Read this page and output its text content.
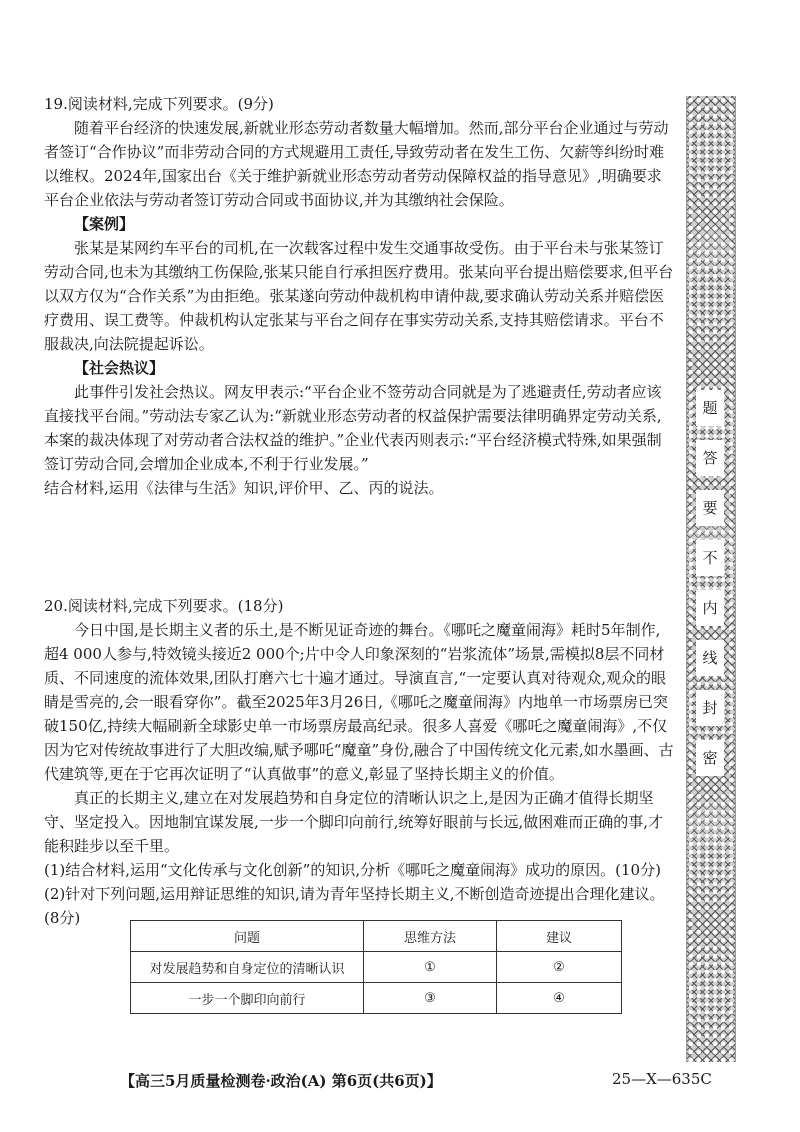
19.阅读材料,完成下列要求。(9分)

随着平台经济的快速发展,新就业形态劳动者数量大幅增加。然而,部分平台企业通过与劳动者签订“合作协议”而非劳动合同的方式规避用工责任,导致劳动者在发生工伤、欠薪等纠纷时难以维权。2024年,国家出台《关于维护新就业形态劳动者劳动保障权益的指导意见》,明确要求平台企业依法与劳动者签订劳动合同或书面协议,并为其缴纳社会保险。

【案例】

张某是某网约车平台的司机,在一次载客过程中发生交通事故受伤。由于平台未与张某签订劳动合同,也未为其缴纳工伤保险,张某只能自行承担医疗费用。张某向平台提出赔偿要求,但平台以双方仅为“合作关系”为由拒绝。张某遂向劳动仲裁机构申请仲裁,要求确认劳动关系并赔偿医疗费用、误工费等。仲裁机构认定张某与平台之间存在事实劳动关系,支持其赔偿请求。平台不服裁决,向法院提起诉讼。

【社会热议】

此事件引发社会热议。网友甲表示:“平台企业不签劳动合同就是为了逃避责任,劳动者应该直接找平台闹。”劳动法专家乙认为:“新就业形态劳动者的权益保护需要法律明确界定劳动关系,本案的裁决体现了对劳动者合法权益的维护。”企业代表丙则表示:“平台经济模式特殊,如果强制签订劳动合同,会增加企业成本,不利于行业发展。”

结合材料,运用《法律与生活》知识,评价甲、乙、丙的说法。

20.阅读材料,完成下列要求。(18分)

今日中国,是长期主义者的乐土,是不断见证奇迹的舞台。《哪吒之魔童闹海》耗时5年制作,超4 000人参与,特效镜头接近2 000个;片中令人印象深刻的“岩浆流体”场景,需模拟8层不同材质、不同速度的流体效果,团队打磨六七十遍才通过。导演直言,“一定要认真对待观众,观众的眼睛是雪亮的,会一眼看穿你”。截至2025年3月26日,《哪吒之魔童闹海》内地单一市场票房已突破150亿,持续大幅刷新全球影史单一市场票房最高纪录。很多人喜爱《哪吒之魔童闹海》,不仅因为它对传统故事进行了大胆改编,赋予哪吒“魔童”身份,融合了中国传统文化元素,如水墨画、古代建筑等,更在于它再次证明了“认真做事”的意义,彰显了坚持长期主义的价值。

真正的长期主义,建立在对发展趋势和自身定位的清晰认识之上,是因为正确才值得长期坚守、坚定投入。因地制宜谋发展,一步一个脚印向前行,统筹好眼前与长远,做困难而正确的事,才能积跬步以至千里。

(1)结合材料,运用“文化传承与文化创新”的知识,分析《哪吒之魔童闹海》成功的原因。(10分)

(2)针对下列问题,运用辩证思维的知识,请为青年坚持长期主义,不断创造奇迹提出合理化建议。(8分)

问题	思维方法	建议
对发展趋势和自身定位的清晰认识	①	②
一步一个脚印向前行	③	④
题
答
要
不
内
线
封
密
【高三5月质量检测卷·政治(A) 第6页(共6页)】	25—X—635C
